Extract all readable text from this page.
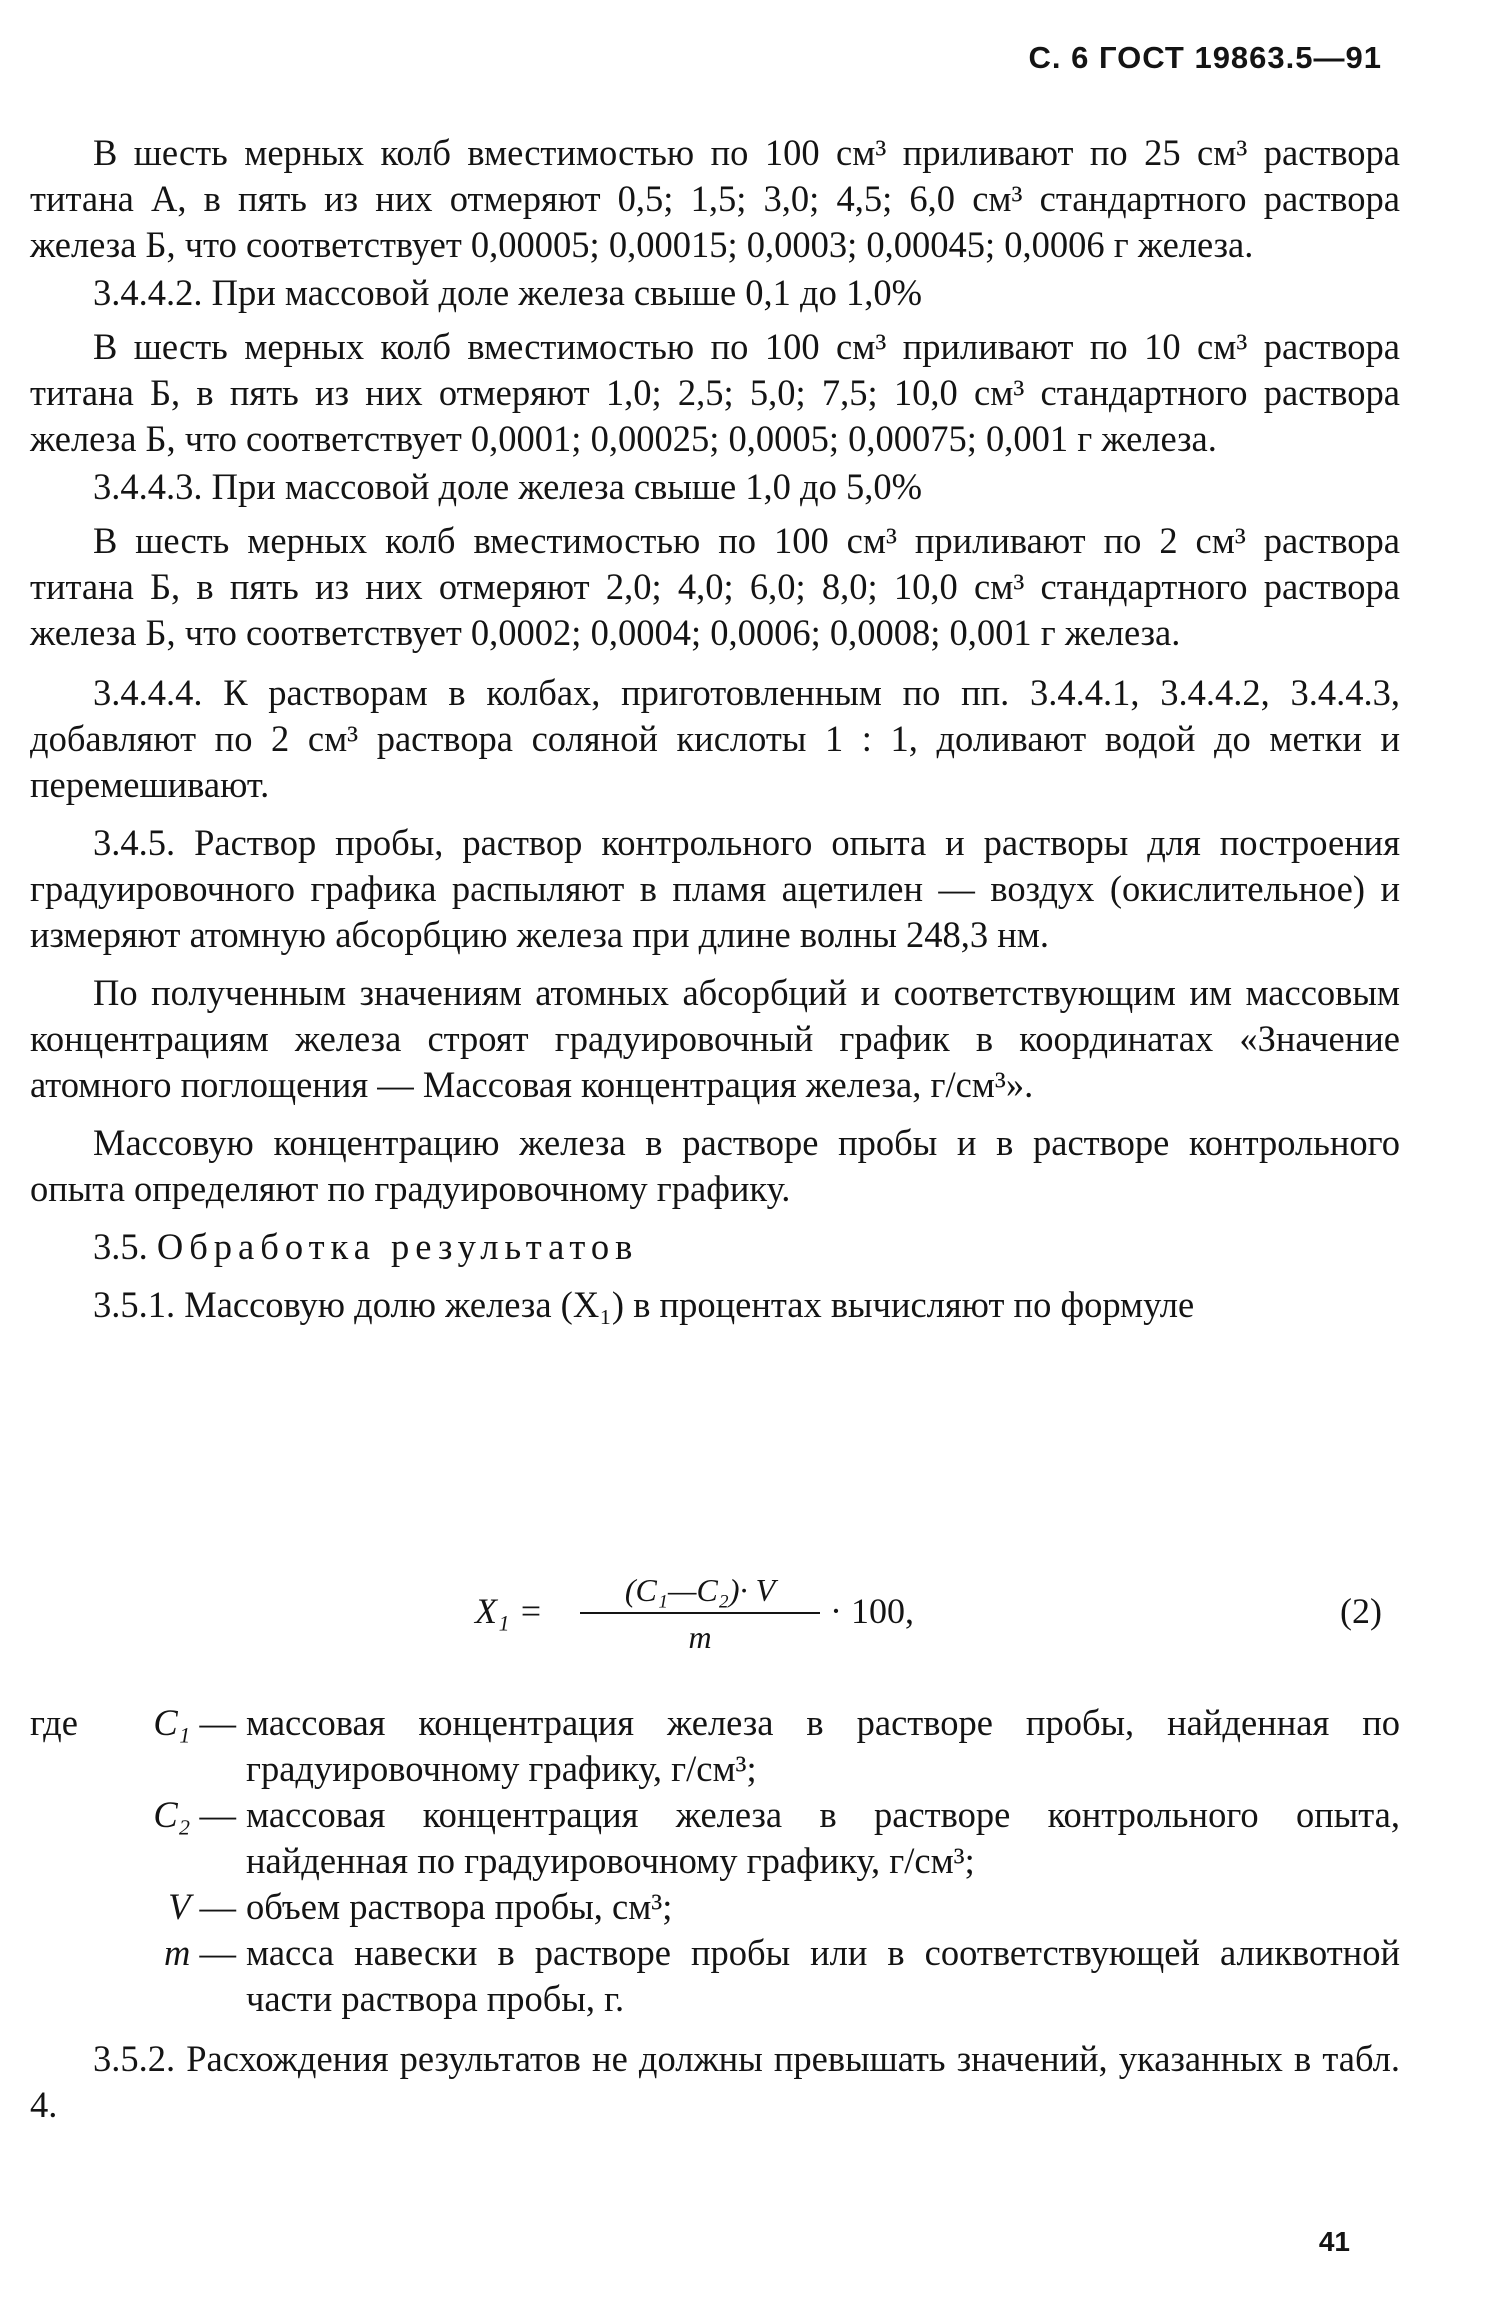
С. 6 ГОСТ 19863.5—91

В шесть мерных колб вместимостью по 100 см³ приливают по 25 см³ раствора титана А, в пять из них отмеряют 0,5; 1,5; 3,0; 4,5; 6,0 см³ стандартного раствора железа Б, что соответствует 0,00005; 0,00015; 0,0003; 0,00045; 0,0006 г железа.

3.4.4.2. При массовой доле железа свыше 0,1 до 1,0%

В шесть мерных колб вместимостью по 100 см³ приливают по 10 см³ раствора титана Б, в пять из них отмеряют 1,0; 2,5; 5,0; 7,5; 10,0 см³ стандартного раствора железа Б, что соответствует 0,0001; 0,00025; 0,0005; 0,00075; 0,001 г железа.

3.4.4.3. При массовой доле железа свыше 1,0 до 5,0%

В шесть мерных колб вместимостью по 100 см³ приливают по 2 см³ раствора титана Б, в пять из них отмеряют 2,0; 4,0; 6,0; 8,0; 10,0 см³ стандартного раствора железа Б, что соответствует 0,0002; 0,0004; 0,0006; 0,0008; 0,001 г железа.

3.4.4.4. К растворам в колбах, приготовленным по пп. 3.4.4.1, 3.4.4.2, 3.4.4.3, добавляют по 2 см³ раствора соляной кислоты 1 : 1, доливают водой до метки и перемешивают.

3.4.5. Раствор пробы, раствор контрольного опыта и растворы для построения градуировочного графика распыляют в пламя ацетилен — воздух (окислительное) и измеряют атомную абсорбцию железа при длине волны 248,3 нм.

По полученным значениям атомных абсорбций и соответствующим им массовым концентрациям железа строят градуировочный график в координатах «Значение атомного поглощения — Массовая концентрация железа, г/см³».

Массовую концентрацию железа в растворе пробы и в растворе контрольного опыта определяют по градуировочному графику.

3.5. Обработка результатов

3.5.1. Массовую долю железа (X₁) в процентах вычисляют по формуле

X₁ =
(C₁—C₂)· V
m
· 100,	(2)
где C₁ — массовая концентрация железа в растворе пробы, найденная по градуировочному графику, г/см³;
C₂ — массовая концентрация железа в растворе контрольного опыта, найденная по градуировочному графику, г/см³;
V — объем раствора пробы, см³;
m — масса навески в растворе пробы или в соответствующей аликвотной части раствора пробы, г.

3.5.2. Расхождения результатов не должны превышать значений, указанных в табл. 4.

41
